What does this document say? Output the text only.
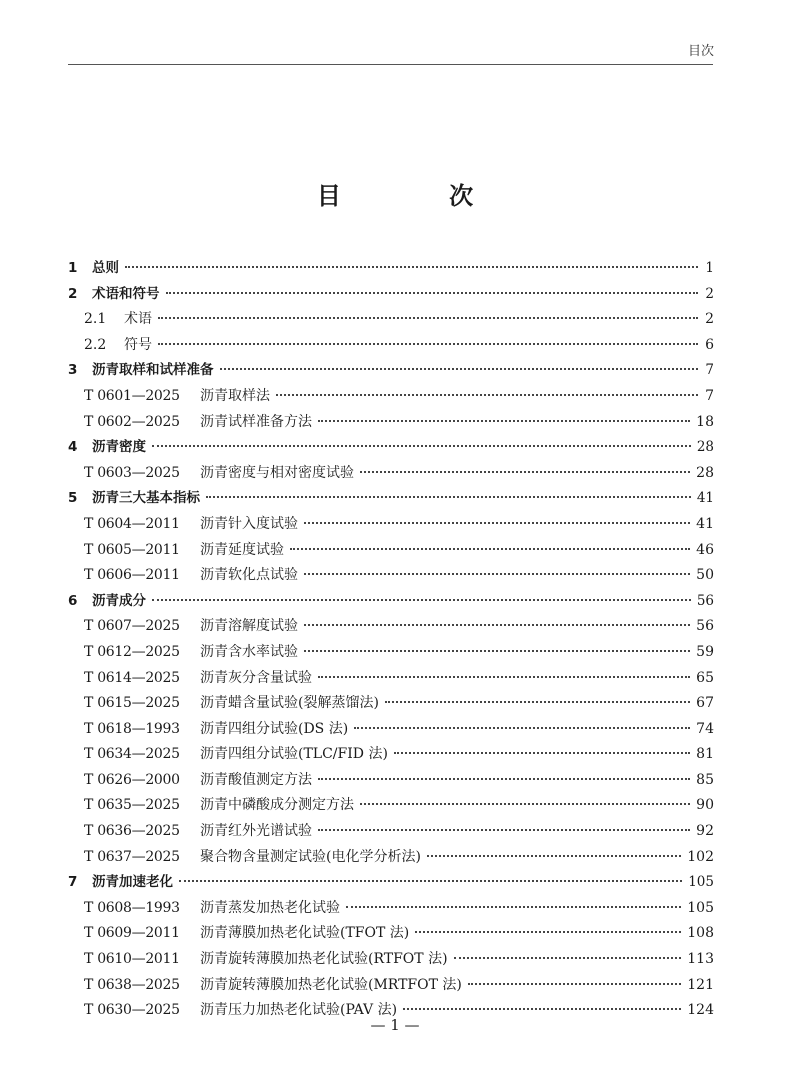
目次
目 次
1	总则	1
2	术语和符号	2
2.1	术语	2
2.2	符号	6
3	沥青取样和试样准备	7
T 0601—2025	沥青取样法	7
T 0602—2025	沥青试样准备方法	18
4	沥青密度	28
T 0603—2025	沥青密度与相对密度试验	28
5	沥青三大基本指标	41
T 0604—2011	沥青针入度试验	41
T 0605—2011	沥青延度试验	46
T 0606—2011	沥青软化点试验	50
6	沥青成分	56
T 0607—2025	沥青溶解度试验	56
T 0612—2025	沥青含水率试验	59
T 0614—2025	沥青灰分含量试验	65
T 0615—2025	沥青蜡含量试验(裂解蒸馏法)	67
T 0618—1993	沥青四组分试验(DS 法)	74
T 0634—2025	沥青四组分试验(TLC/FID 法)	81
T 0626—2000	沥青酸值测定方法	85
T 0635—2025	沥青中磷酸成分测定方法	90
T 0636—2025	沥青红外光谱试验	92
T 0637—2025	聚合物含量测定试验(电化学分析法)	102
7	沥青加速老化	105
T 0608—1993	沥青蒸发加热老化试验	105
T 0609—2011	沥青薄膜加热老化试验(TFOT 法)	108
T 0610—2011	沥青旋转薄膜加热老化试验(RTFOT 法)	113
T 0638—2025	沥青旋转薄膜加热老化试验(MRTFOT 法)	121
T 0630—2025	沥青压力加热老化试验(PAV 法)	124
— 1 —
